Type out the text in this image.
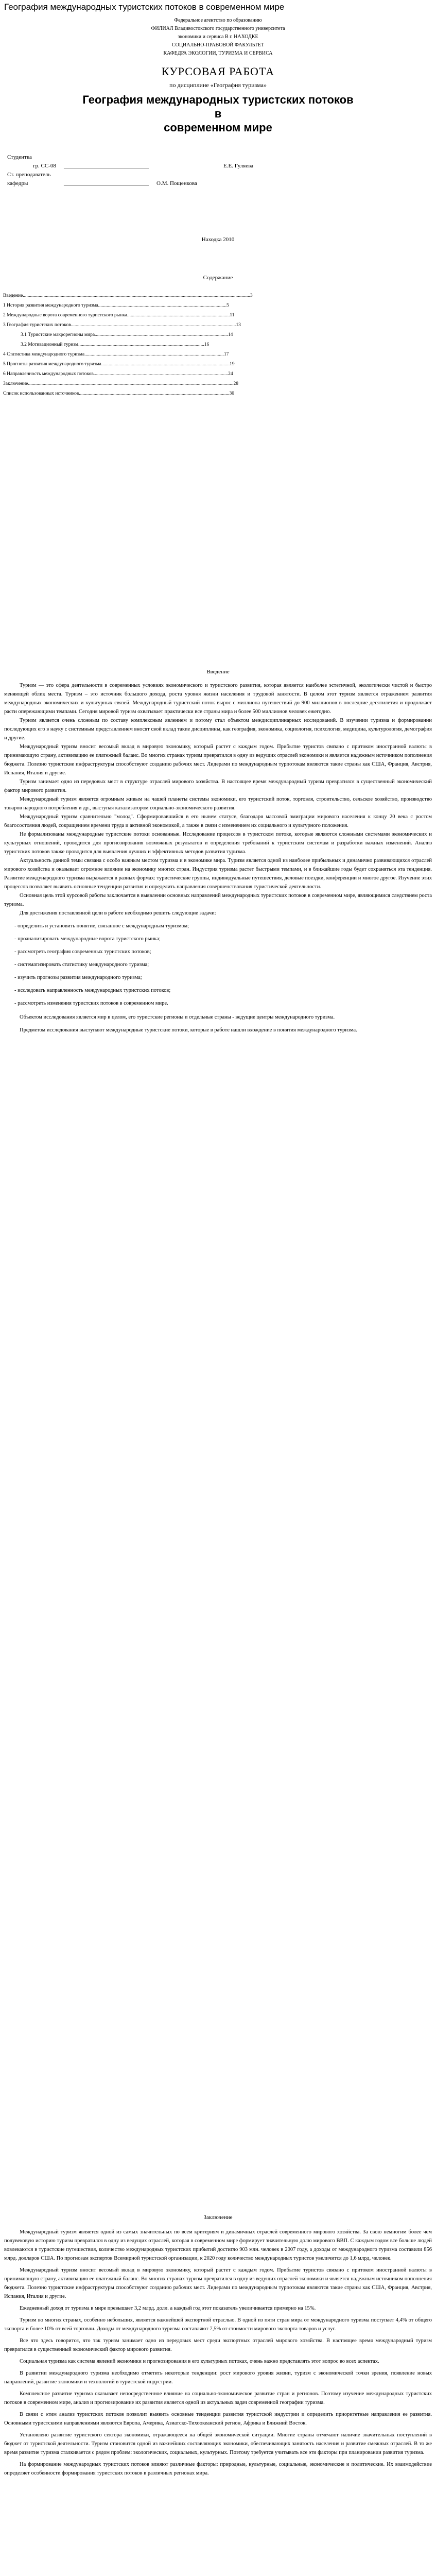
География международных туристских потоков в современном мире

Федеральное агентство по образованию

ФИЛИАЛ Владивостокского государственного университета

экономики и сервиса В г. НАХОДКЕ

СОЦИАЛЬНО-ПРАВОВОЙ ФАКУЛЬТЕТ

КАФЕДРА ЭКОЛОГИИ, ТУРИЗМА И СЕРВИСА

КУРСОВАЯ РАБОТА

по дисциплине «География туризма»

География международных туристских потоков

в

современном мире

Студентка

гр. СС-08 ______________________________	Е.Е. Гуляева

Ст. преподаватель

кафедры	______________________________ О.М. Пощенкова

Находка 2010

Содержание

Введение..........................................................................................................................................................................................3

1 История развития международного туризма.........................................................................................................5

2 Международные ворота современного туристского рынка....................................................................................11

3 География туристских потоков.......................................................................................................................................13

3.1 Туристские макрорегионы мира.............................................................................................................14

3.2 Мотивационный туризм.......................................................................................................16

4 Статистика международного туризма..................................................................................................................17

5 Прогнозы развития международного туризма.........................................................................................................19

6 Направленность международных потоков..............................................................................................................24

Заключение........................................................................................................................................................................28

Список использованных источников...........................................................................................................................30

Введение

Туризм — это сфера деятельности в современных условиях экономического и туристского развития, которая является наиболее эстетичной, экологически чистой и быстро меняющей облик места. Туризм – это источник большого дохода, роста уровня жизни населения и трудовой занятости. В целом этот туризм является отражением развития международных экономических и культурных связей. Международный туристский поток вырос с миллиона путешествий до 900 миллионов в последние десятилетия и продолжает расти опережающими темпами. Сегодня мировой туризм охватывает практически все страны мира и более 500 миллионов человек ежегодно.

Туризм является очень сложным по составу комплексным явлением и потому стал объектом междисциплинарных исследований. В изучении туризма и формировании последующих его в науку с системным представлением вносят свой вклад такие дисциплины, как география, экономика, социология, психология, медицина, культурология, демография и другие.

Международный туризм вносит весомый вклад в мировую экономику, который растет с каждым годом. Прибытие туристов связано с притоком иностранной валюты в принимающую страну, активизацию ее платежный баланс. Во многих странах туризм превратился в одну из ведущих отраслей экономики и является надежным источником пополнения бюджета. Полезно туристские инфраструктуры способствуют созданию рабочих мест. Лидерами по международным турпотокам являются такие страны как США, Франция, Австрия, Испания, Италия и другие.

Туризм занимает одно из передовых мест в структуре отраслей мирового хозяйства. В настоящее время международный туризм превратился в существенный экономический фактор мирового развития.

Международный туризм является огромным живым на чашей планеты системы экономики, его туристский поток, торговля, строительство, сельское хозяйство, производство товаров народного потребления и др., выступая катализатором социально-экономического развития.

Международный туризм сравнительно "молод". Сформировавшийся в его нынем статусе, благодаря массовой эмиграции мирового населения к концу 20 века с ростом благосостояния людей, сокращением времени труда и активной экономикой, а также в связи с изменением их социального и культурного положения.

Не формализованы международные туристские потоки основанные. Исследование процессов в туристском потоке, которые являются сложными системами экономических и культурных отношений, проводится для прогнозирования возможных результатов и определения требований к туристским системам и разработки важных изменений. Анализ туристских потоков также проводится для выявления лучших и эффективных методов развития туризма.

Актуальность данной темы связана с особо важным местом туризма и в экономике мира. Туризм является одной из наиболее прибыльных и динамично развивающихся отраслей мирового хозяйства и оказывает огромное влияние на экономику многих стран. Индустрия туризма растет быстрыми темпами, и в ближайшие годы будет сохраняться эта тенденция. Развитие международного туризма выражается в разных формах: туристические группы, индивидуальные путешествия, деловые поездки, конференции и многое другое. Изучение этих процессов позволяет выявить основные тенденции развития и определить направления совершенствования туристической деятельности.

Основная цель этой курсовой работы заключается в выявлении основных направлений международных туристских потоков в современном мире, являющимися следствием роста туризма.

Для достижения поставленной цели в работе необходимо решить следующие задачи:

- определить и установить понятие, связанное с международным туризмом;

- проанализировать международные ворота туристского рынка;

- рассмотреть география современных туристских потоков;

- систематизировать статистику международного туризма;

- изучить прогнозы развития международного туризма;

- исследовать направленность международных туристских потоков;

- рассмотреть изменения туристских потоков в современном мире.

Объектом исследования является мир в целом, его туристские регионы и отдельные страны - ведущие центры международного туризма.

Предметом исследования выступают международные туристские потоки, которые в работе нашли вхождение в понятия международного туризма.

Заключение

Международный туризм является одной из самых значительных по всем критериям и динамичных отраслей современного мирового хозяйства. За свою немногим более чем полувековую историю туризм превратился в одну из ведущих отраслей, которая в современном мире формирует значительную долю мирового ВВП. С каждым годом все больше людей вовлекаются в туристские путешествия, количество международных туристских прибытий достигло 903 млн. человек в 2007 году, а доходы от международного туризма составили 856 млрд. долларов США. По прогнозам экспертов Всемирной туристской организации, к 2020 году количество международных туристов увеличится до 1,6 млрд. человек.

Международный туризм вносит весомый вклад в мировую экономику, который растет с каждым годом. Прибытие туристов связано с притоком иностранной валюты в принимающую страну, активизацию ее платежный баланс. Во многих странах туризм превратился в одну из ведущих отраслей экономики и является надежным источником пополнения бюджета. Полезно туристские инфраструктуры способствуют созданию рабочих мест. Лидерами по международным турпотокам являются такие страны как США, Франция, Австрия, Испания, Италия и другие.

Ежедневный доход от туризма в мире превышает 3,2 млрд. долл. а каждый год этот показатель увеличивается примерно на 15%.

Туризм во многих странах, особенно небольших, является важнейшей экспортной отраслью. В одной из пяти стран мира от международного туризма поступает 4,4% от общего экспорта и более 10% от всей торговли. Доходы от международного туризма составляют 7,5% от стоимости мирового экспорта товаров и услуг.

Все что здесь говорится, что так туризм занимает одно из передовых мест среди экспортных отраслей мирового хозяйства. В настоящее время международный туризм превратился в существенный экономический фактор мирового развития.

Социальная туризма как система явлений экономики и прогнозирования в его культурных потоках, очень важно представлять этот вопрос во всех аспектах.

В развитии международного туризма необходимо отметить некоторые тенденции: рост мирового уровня жизни, туризм с экономической точки зрения, появление новых направлений, развитие экономики и технологий в туристской индустрии.

Комплексное развитие туризма оказывает непосредственное влияние на социально-экономическое развитие стран и регионов. Поэтому изучение международных туристских потоков в современном мире, анализ и прогнозирование их развития является одной из актуальных задач современной географии туризма.

В связи с этим анализ туристских потоков позволит выявить основные тенденции развития туристской индустрии и определить приоритетные направления ее развития. Основными туристскими направлениями являются Европа, Америка, Азиатско-Тихоокеанский регион, Африка и Ближний Восток.

Установлено развитие туристского сектора экономики, отражающееся на общей экономической ситуации. Многие страны отмечают наличие значительных поступлений в бюджет от туристской деятельности. Туризм становится одной из важнейших составляющих экономики, обеспечивающих занятость населения и развитие смежных отраслей. В то же время развитие туризма сталкивается с рядом проблем: экологических, социальных, культурных. Поэтому требуется учитывать все эти факторы при планировании развития туризма.

На формирование международных туристских потоков влияют различные факторы: природные, культурные, социальные, экономические и политические. Их взаимодействие определяет особенности формирования туристских потоков в различных регионах мира.
